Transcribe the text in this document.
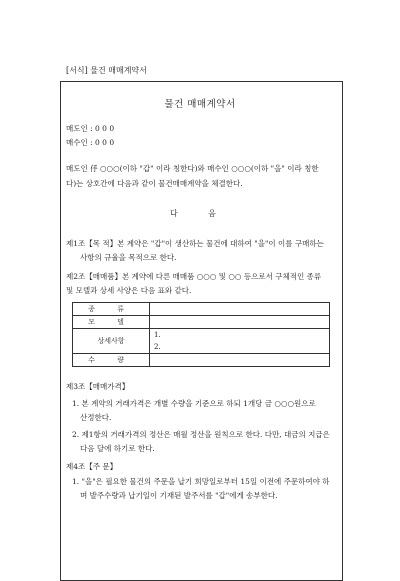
[서식] 물건 매매계약서
물건 매매계약서
매도인 : 0 0 0
매수인 : 0 0 0
매도인 㐿 ○○○(이하 "갑" 이라 칭한다)와 매수인 ○○○(이하 "을" 이라 칭한
다)는 상호간에 다음과 같이 물건매매계약을 체결한다.
다 음
제1조【목 적】본 계약은 "갑"이 생산하는 물건에 대하여 "을"이 이를 구매하는
사항의 규율을 목적으로 한다.
제2조【매매품】본 계약에 다른 매매품 ○○○ 및 ○○ 등으로서 구체적인 종류
및 모델과 상세 사양은 다음 표와 같다.
종 류	
모 델	
상세사항	1.
2.
수 량	
제3조【매매가격】
1. 본 계약의 거래가격은 개별 수량을 기준으로 하되 1개당 금 ○○○원으로
산정한다.
2. 제1항의 거래가격의 정산은 매월 정산을 원칙으로 한다. 다만, 대금의 지급은
다음 달에 하기로 한다.
제4조【주 문】
1. "을"은 필요한 물건의 주문을 납기 희망일로부터 15일 이전에 주문하여야 하
며 발주수량과 납기일이 기재된 발주서를 "갑"에게 송부한다.
